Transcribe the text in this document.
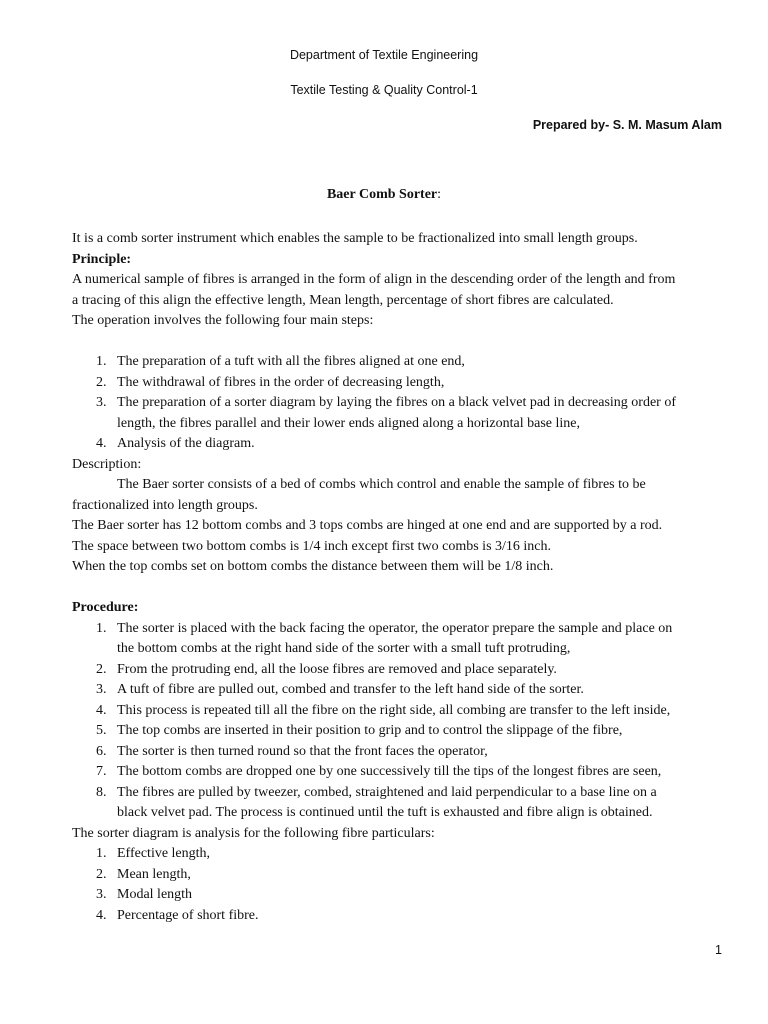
Department of Textile Engineering
Textile Testing & Quality Control-1
Prepared by- S. M. Masum Alam
Baer Comb Sorter:

It is a comb sorter instrument which enables the sample to be fractionalized into small length groups.

Principle:

A numerical sample of fibres is arranged in the form of align in the descending order of the length and from

a tracing of this align the effective length, Mean length, percentage of short fibres are calculated.

The operation involves the following four main steps:

1. The preparation of a tuft with all the fibres aligned at one end,
2. The withdrawal of fibres in the order of decreasing length,
3. The preparation of a sorter diagram by laying the fibres on a black velvet pad in decreasing order of
length, the fibres parallel and their lower ends aligned along a horizontal base line,
4. Analysis of the diagram.

Description:

The Baer sorter consists of a bed of combs which control and enable the sample of fibres to be

fractionalized into length groups.

The Baer sorter has 12 bottom combs and 3 tops combs are hinged at one end and are supported by a rod.

The space between two bottom combs is 1/4 inch except first two combs is 3/16 inch.

When the top combs set on bottom combs the distance between them will be 1/8 inch.

Procedure:

1. The sorter is placed with the back facing the operator, the operator prepare the sample and place on
the bottom combs at the right hand side of the sorter with a small tuft protruding,
2. From the protruding end, all the loose fibres are removed and place separately.
3. A tuft of fibre are pulled out, combed and transfer to the left hand side of the sorter.
4. This process is repeated till all the fibre on the right side, all combing are transfer to the left inside,
5. The top combs are inserted in their position to grip and to control the slippage of the fibre,
6. The sorter is then turned round so that the front faces the operator,
7. The bottom combs are dropped one by one successively till the tips of the longest fibres are seen,
8. The fibres are pulled by tweezer, combed, straightened and laid perpendicular to a base line on a
black velvet pad. The process is continued until the tuft is exhausted and fibre align is obtained.

The sorter diagram is analysis for the following fibre particulars:

1. Effective length,
2. Mean length,
3. Modal length
4. Percentage of short fibre.
1
